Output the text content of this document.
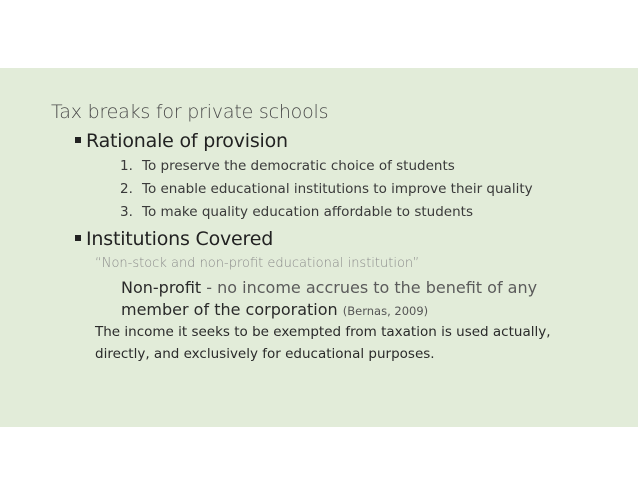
Tax breaks for private schools
Rationale of provision
1. To preserve the democratic choice of students
2. To enable educational institutions to improve their quality
3. To make quality education affordable to students
Institutions Covered
“Non-stock and non-profit educational institution”
Non-profit - no income accrues to the benefit of any
member of the corporation (Bernas, 2009)
The income it seeks to be exempted from taxation is used actually,
directly, and exclusively for educational purposes.
